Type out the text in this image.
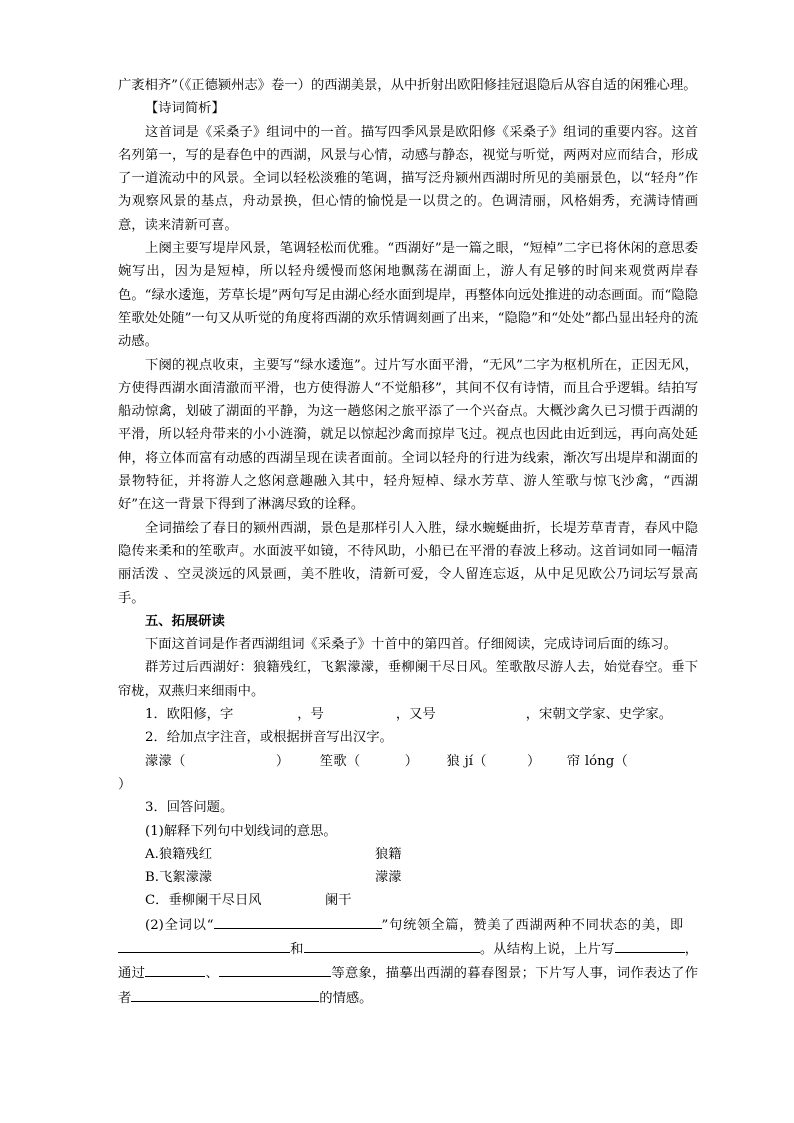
广袤相齐”（《正德颍州志》卷一）的西湖美景，从中折射出欧阳修挂冠退隐后从容自适的闲雅心理。

【诗词简析】

这首词是《采桑子》组词中的一首。描写四季风景是欧阳修《采桑子》组词的重要内容。这首名列第一，写的是春色中的西湖，风景与心情，动感与静态，视觉与听觉，两两对应而结合，形成了一道流动中的风景。全词以轻松淡雅的笔调，描写泛舟颍州西湖时所见的美丽景色，以“轻舟”作为观察风景的基点，舟动景换，但心情的愉悦是一以贯之的。色调清丽，风格娟秀，充满诗情画意，读来清新可喜。

上阕主要写堤岸风景，笔调轻松而优雅。“西湖好”是一篇之眼，“短棹”二字已将休闲的意思委婉写出，因为是短棹，所以轻舟缓慢而悠闲地飘荡在湖面上，游人有足够的时间来观赏两岸春色。“绿水逶迤，芳草长堤”两句写足由湖心经水面到堤岸，再整体向远处推进的动态画面。而“隐隐笙歌处处随”一句又从听觉的角度将西湖的欢乐情调刻画了出来，“隐隐”和“处处”都凸显出轻舟的流动感。

下阕的视点收束，主要写“绿水逶迤”。过片写水面平滑，“无风”二字为枢机所在，正因无风，方使得西湖水面清澈而平滑，也方使得游人“不觉船移”，其间不仅有诗情，而且合乎逻辑。结拍写船动惊禽，划破了湖面的平静，为这一趟悠闲之旅平添了一个兴奋点。大概沙禽久已习惯于西湖的平滑，所以轻舟带来的小小涟漪，就足以惊起沙禽而掠岸飞过。视点也因此由近到远，再向高处延伸，将立体而富有动感的西湖呈现在读者面前。全词以轻舟的行进为线索，渐次写出堤岸和湖面的景物特征，并将游人之悠闲意趣融入其中，轻舟短棹、绿水芳草、游人笙歌与惊飞沙禽，“西湖好”在这一背景下得到了淋漓尽致的诠释。

全词描绘了春日的颍州西湖，景色是那样引人入胜，绿水蜿蜒曲折，长堤芳草青青，春风中隐隐传来柔和的笙歌声。水面波平如镜，不待风助，小船已在平滑的春波上移动。这首词如同一幅清丽活泼 、空灵淡远的风景画，美不胜收，清新可爱，令人留连忘返，从中足见欧公乃词坛写景高手。

五、拓展研读

下面这首词是作者西湖组词《采桑子》十首中的第四首。仔细阅读，完成诗词后面的练习。

群芳过后西湖好：狼籍残红，飞絮濛濛，垂柳阑干尽日风。笙歌散尽游人去，始觉春空。垂下帘栊，双燕归来细雨中。

1．欧阳修，字	，号	，又号	，宋朝文学家、史学家。

2．给加点字注音，或根据拼音写出汉字。

濛濛（	） 笙歌（	） 狼 jí（	） 帘 lóng（）

3．回答问题。

(1)解释下列句中划线词的意思。

A.狼籍残红	狼籍
B.飞絮濛濛	濛濛
C．垂柳阑干尽日风	阑干

(2)全词以“	”句统领全篇，赞美了西湖两种不同状态的美，即和	。从结构上说，上片写	，通过	、	等意象，描摹出西湖的暮春图景；下片写人事，词作表达了作者	的情感。
